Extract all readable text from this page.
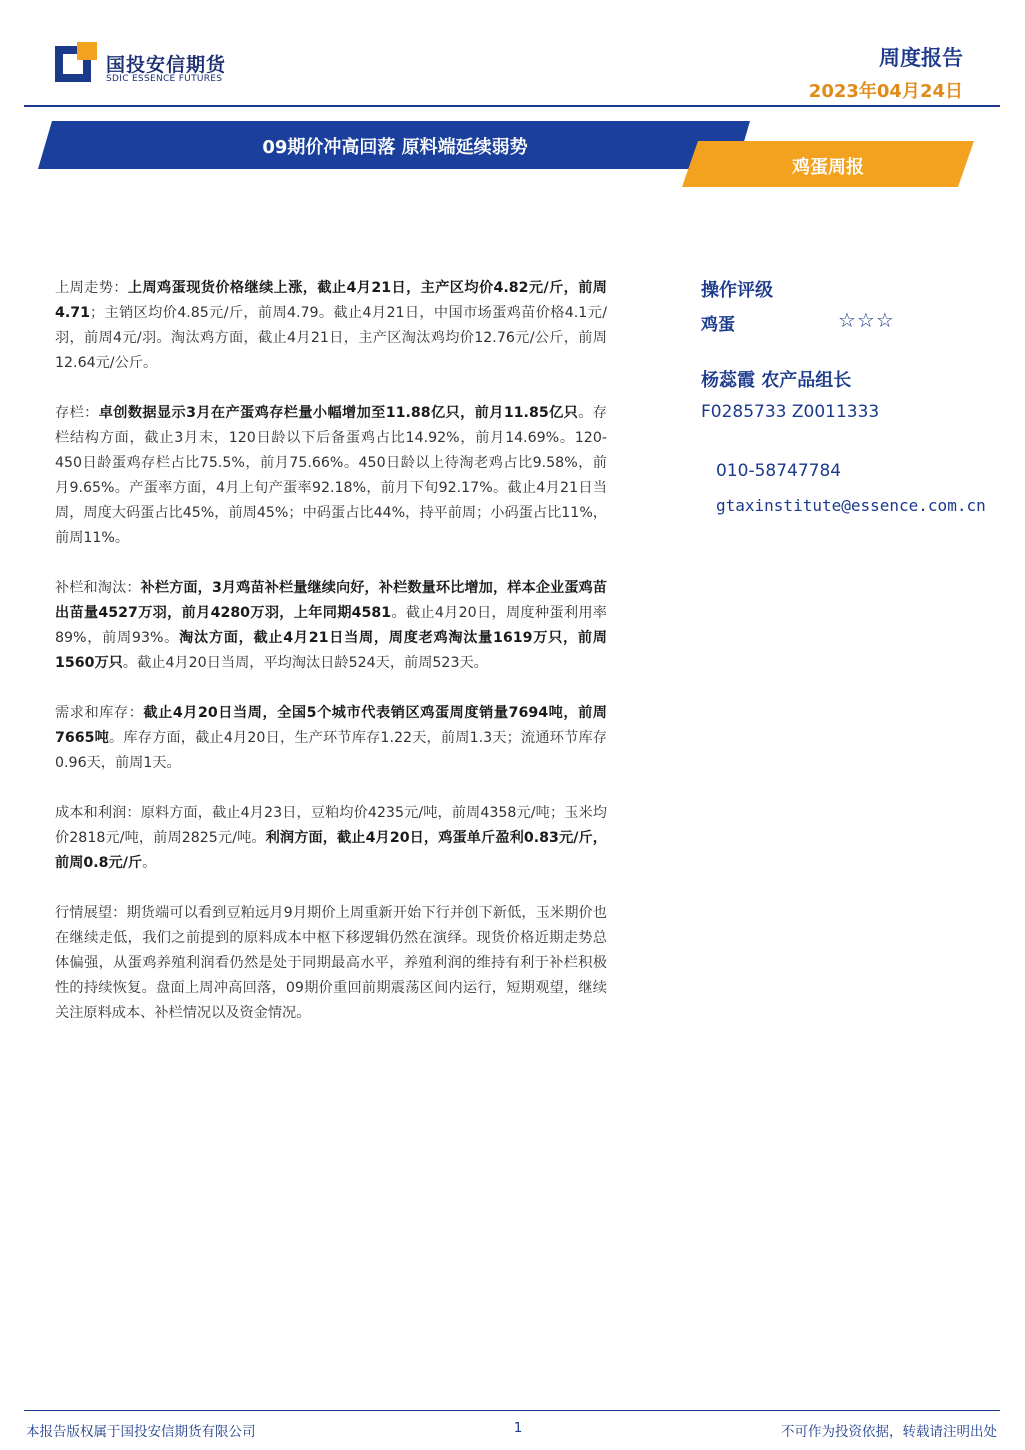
国投安信期货
SDIC ESSENCE FUTURES
周度报告
2023年04月24日
09期价冲高回落 原料端延续弱势
鸡蛋周报

上周走势：上周鸡蛋现货价格继续上涨，截止4月21日，主产区均价4.82元/斤，前周4.71；主销区均价4.85元/斤，前周4.79。截止4月21日，中国市场蛋鸡苗价格4.1元/羽，前周4元/羽。淘汰鸡方面，截止4月21日，主产区淘汰鸡均价12.76元/公斤，前周12.64元/公斤。

存栏：卓创数据显示3月在产蛋鸡存栏量小幅增加至11.88亿只，前月11.85亿只。存栏结构方面，截止3月末，120日龄以下后备蛋鸡占比14.92%，前月14.69%。120-450日龄蛋鸡存栏占比75.5%，前月75.66%。450日龄以上待淘老鸡占比9.58%，前月9.65%。产蛋率方面，4月上旬产蛋率92.18%，前月下旬92.17%。截止4月21日当周，周度大码蛋占比45%，前周45%；中码蛋占比44%，持平前周；小码蛋占比11%，前周11%。

补栏和淘汰：补栏方面，3月鸡苗补栏量继续向好，补栏数量环比增加，样本企业蛋鸡苗出苗量4527万羽，前月4280万羽，上年同期4581。截止4月20日，周度种蛋利用率89%，前周93%。淘汰方面，截止4月21日当周，周度老鸡淘汰量1619万只，前周1560万只。截止4月20日当周，平均淘汰日龄524天，前周523天。

需求和库存：截止4月20日当周，全国5个城市代表销区鸡蛋周度销量7694吨，前周7665吨。库存方面，截止4月20日，生产环节库存1.22天，前周1.3天；流通环节库存0.96天，前周1天。

成本和利润：原料方面，截止4月23日，豆粕均价4235元/吨，前周4358元/吨；玉米均价2818元/吨，前周2825元/吨。利润方面，截止4月20日，鸡蛋单斤盈利0.83元/斤，前周0.8元/斤。

行情展望：期货端可以看到豆粕远月9月期价上周重新开始下行并创下新低，玉米期价也在继续走低，我们之前提到的原料成本中枢下移逻辑仍然在演绎。现货价格近期走势总体偏强，从蛋鸡养殖利润看仍然是处于同期最高水平，养殖利润的维持有利于补栏积极性的持续恢复。盘面上周冲高回落，09期价重回前期震荡区间内运行，短期观望，继续关注原料成本、补栏情况以及资金情况。

操作评级
鸡蛋	☆☆☆
杨蕊霞 农产品组长
F0285733 Z0011333
010-58747784
gtaxinstitute@essence.com.cn
本报告版权属于国投安信期货有限公司	1	不可作为投资依据，转载请注明出处
